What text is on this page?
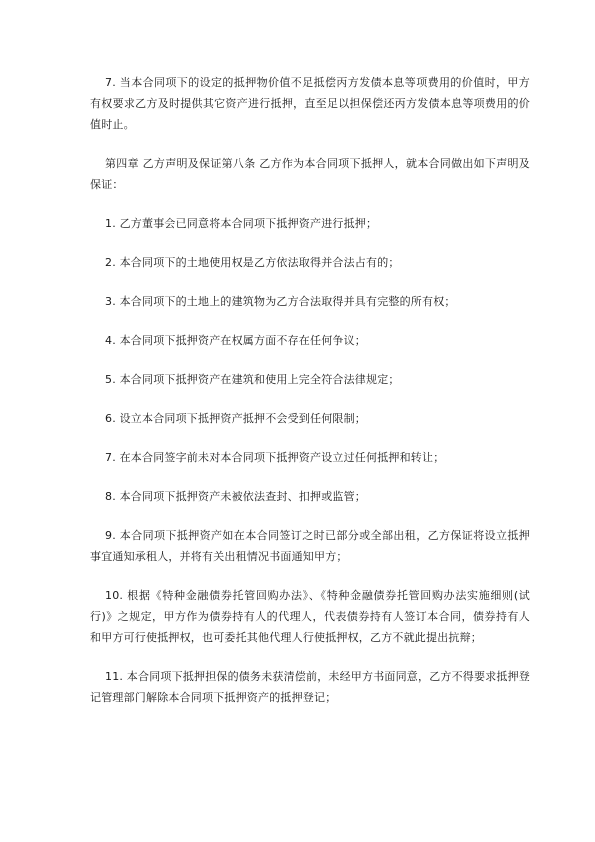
7. 当本合同项下的设定的抵押物价值不足抵偿丙方发债本息等项费用的价值时，甲方有权要求乙方及时提供其它资产进行抵押，直至足以担保偿还丙方发债本息等项费用的价值时止。

第四章 乙方声明及保证第八条 乙方作为本合同项下抵押人，就本合同做出如下声明及保证：

1. 乙方董事会已同意将本合同项下抵押资产进行抵押；

2. 本合同项下的土地使用权是乙方依法取得并合法占有的；

3. 本合同项下的土地上的建筑物为乙方合法取得并具有完整的所有权；

4. 本合同项下抵押资产在权属方面不存在任何争议；

5. 本合同项下抵押资产在建筑和使用上完全符合法律规定；

6. 设立本合同项下抵押资产抵押不会受到任何限制；

7. 在本合同签字前未对本合同项下抵押资产设立过任何抵押和转让；

8. 本合同项下抵押资产未被依法查封、扣押或监管；

9. 本合同项下抵押资产如在本合同签订之时已部分或全部出租，乙方保证将设立抵押事宜通知承租人，并将有关出租情况书面通知甲方；

10. 根据《特种金融债券托管回购办法》、《特种金融债券托管回购办法实施细则(试行)》之规定，甲方作为债券持有人的代理人，代表债券持有人签订本合同，债券持有人和甲方可行使抵押权，也可委托其他代理人行使抵押权，乙方不就此提出抗辩；

11. 本合同项下抵押担保的债务未获清偿前，未经甲方书面同意，乙方不得要求抵押登记管理部门解除本合同项下抵押资产的抵押登记；
